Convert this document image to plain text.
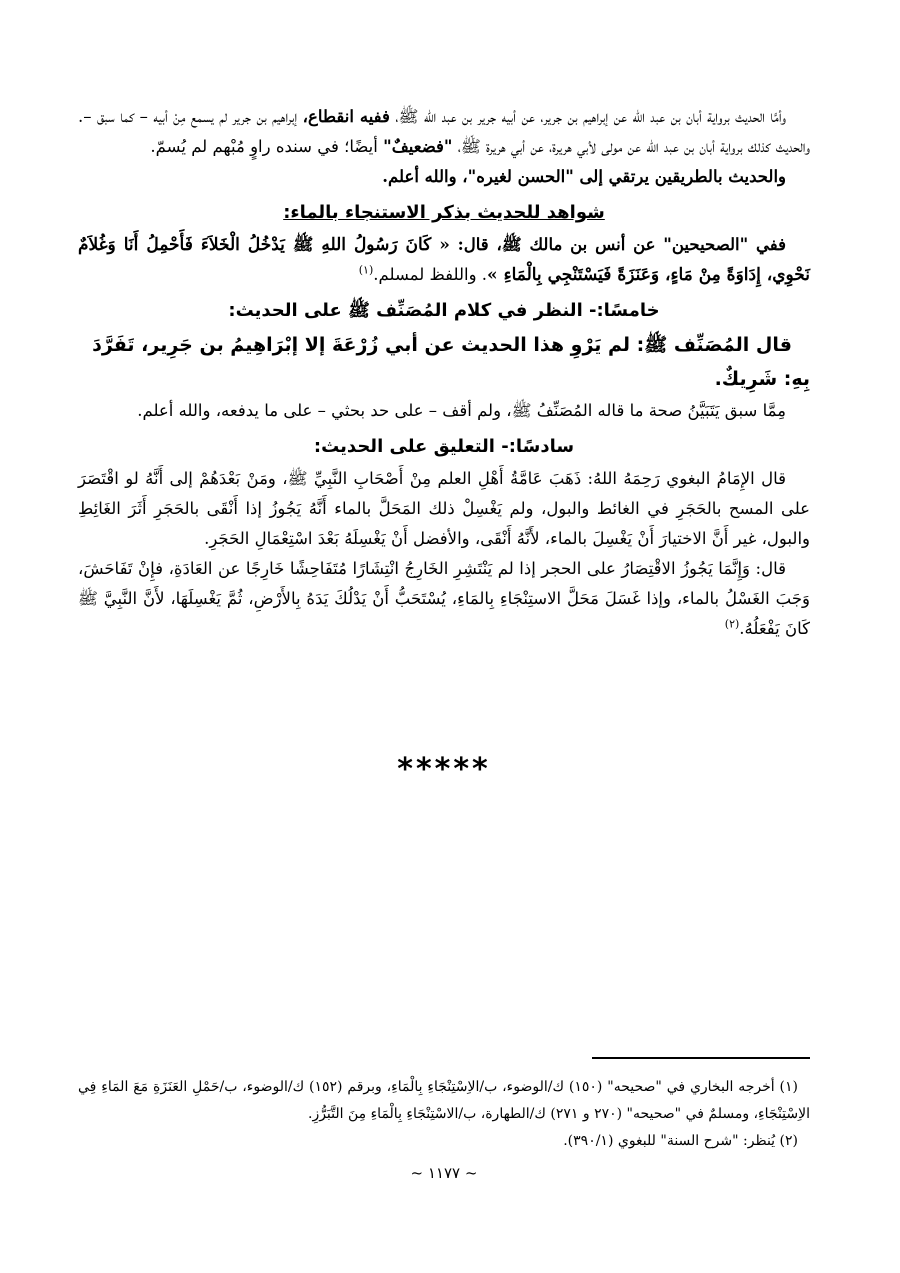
وأمَّا الحديث برواية أبان بن عبد الله عن إبراهيم بن جرير، عن أبيه جرير بن عبد الله ﷺ، ففيه انقطاع، إبراهيم بن جرير لم يسمع مِنْ أبيه – كما سبق –. والحديث كذلك برواية أبان بن عبد الله عن مولى لأبي هريرة، عن أبي هريرة ﷺ، "فضعيفٌ" أيضًا؛ في سنده راوٍ مُبْهم لم يُسمّ.

والحديث بالطريقين يرتقي إلى "الحسن لغيره"، والله أعلم.

شواهد للحديث بذكر الاستنجاء بالماء:

ففي "الصحيحين" عن أنس بن مالك ﷺ، قال: « كَانَ رَسُولُ اللهِ ﷺ يَدْخُلُ الْخَلاَءَ فَأَحْمِلُ أَنَا وَغُلاَمٌ نَحْوِي، إِدَاوَةً مِنْ مَاءٍ، وَعَنَزَةً فَيَسْتَنْجِي بِالْمَاءِ ». واللفظ لمسلم.$^{(١)}$

خامسًا:- النظر في كلام المُصَنِّف ﷺ على الحديث:

قال المُصَنِّف ﷺ: لم يَرْوِ هذا الحديث عن أبي زُرْعَةَ إلا إبْرَاهِيمُ بن جَرِير، تَفَرَّدَ بِهِ: شَرِيكٌ.

مِمَّا سبق يَتَبَيَّنُ صحة ما قاله المُصَنِّفُ ﷺ، ولم أقف – على حد بحثي – على ما يدفعه، والله أعلم.

سادسًا:- التعليق على الحديث:

قال الإِمَامُ البغوي رَحِمَهُ اللهُ: ذَهَبَ عَامَّةُ أَهْلِ العلم مِنْ أَصْحَابِ النَّبِيِّ ﷺ، ومَنْ بَعْدَهُمْ إلى أَنَّهُ لو اقْتَصَرَ على المسح بالحَجَرِ في الغائط والبول، ولم يَغْسِلْ ذلك المَحَلَّ بالماء أَنَّهُ يَجُوزُ إذا أَنْقَى بالحَجَرِ أَثَرَ الغَائِطِ والبول، غير أَنَّ الاختيارَ أَنْ يَغْسِلَ بالماء، لأَنَّهُ أَنْقَى، والأفضل أَنْ يَغْسِلَهُ بَعْدَ اسْتِعْمَالِ الحَجَرِ.

قال: وَإِنَّمَا يَجُوزُ الاقْتِصَارُ على الحجر إذا لم يَنْتَشِرِ الخَارِجُ انْتِشَارًا مُتَفَاحِشًا خَارِجًا عن العَادَةِ، فإِنْ تَفَاحَشَ، وَجَبَ الغَسْلُ بالماء، وإذا غَسَلَ مَحَلَّ الاستِنْجَاءِ بِالمَاءِ، يُسْتَحَبُّ أَنْ يَدْلُكَ يَدَهُ بِالأَرْضِ، ثُمَّ يَغْسِلَهَا، لأَنَّ النَّبِيَّ ﷺ كَانَ يَفْعَلُهُ.$^{(٢)}$

*****

(١) أخرجه البخاري في "صحيحه" (١٥٠) ك/الوضوء، ب/الاِسْتِنْجَاءِ بِالْمَاءِ، وبرقم (١٥٢) ك/الوضوء، ب/حَمْلِ العَنَزَةِ مَعَ المَاءِ فِي الاِسْتِنْجَاءِ، ومسلمٌ في "صحيحه" (٢٧٠ و ٢٧١) ك/الطهارة، ب/الاسْتِنْجَاءِ بِالْمَاءِ مِنَ التَّبَرُّزِ.

(٢) يُنظر: "شرح السنة" للبغوي (٣٩٠/١).

~ ١١٧٧ ~
